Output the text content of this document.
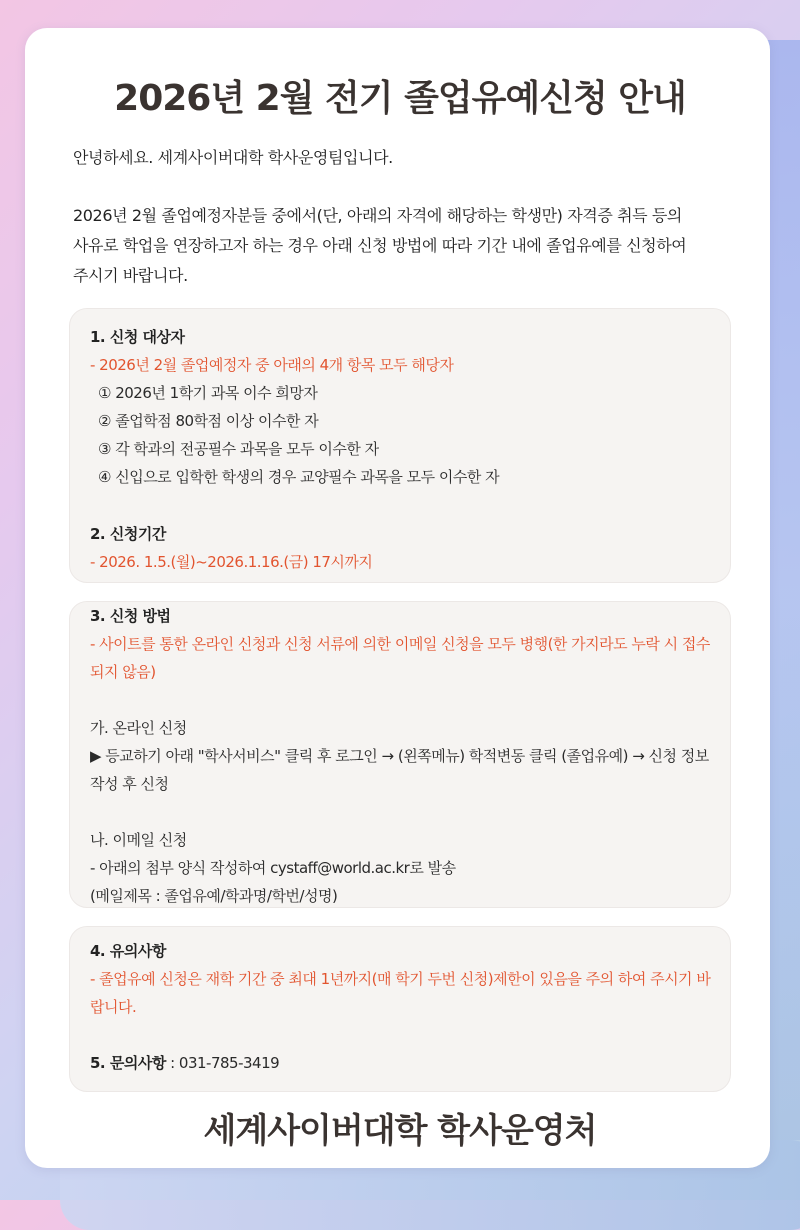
2026년 2월 전기 졸업유예신청 안내

안녕하세요. 세계사이버대학 학사운영팀입니다.

2026년 2월 졸업예정자분들 중에서(단, 아래의 자격에 해당하는 학생만) 자격증 취득 등의

사유로 학업을 연장하고자 하는 경우 아래 신청 방법에 따라 기간 내에 졸업유예를 신청하여

주시기 바랍니다.

1. 신청 대상자
- 2026년 2월 졸업예정자 중 아래의 4개 항목 모두 해당자
① 2026년 1학기 과목 이수 희망자
② 졸업학점 80학점 이상 이수한 자
③ 각 학과의 전공필수 과목을 모두 이수한 자
④ 신입으로 입학한 학생의 경우 교양필수 과목을 모두 이수한 자
2. 신청기간
- 2026. 1.5.(월)~2026.1.16.(금) 17시까지
3. 신청 방법
- 사이트를 통한 온라인 신청과 신청 서류에 의한 이메일 신청을 모두 병행(한 가지라도 누락 시 접수 되지 않음)
가. 온라인 신청
▶ 등교하기 아래 "학사서비스" 클릭 후 로그인 → (왼쪽메뉴) 학적변동 클릭 (졸업유예) → 신청 정보 작성 후 신청
나. 이메일 신청
- 아래의 첨부 양식 작성하여 cystaff@world.ac.kr로 발송
(메일제목 : 졸업유예/학과명/학번/성명)
4. 유의사항
- 졸업유예 신청은 재학 기간 중 최대 1년까지(매 학기 두번 신청)제한이 있음을 주의 하여 주시기 바랍니다.
5. 문의사항 : 031-785-3419
세계사이버대학 학사운영처
